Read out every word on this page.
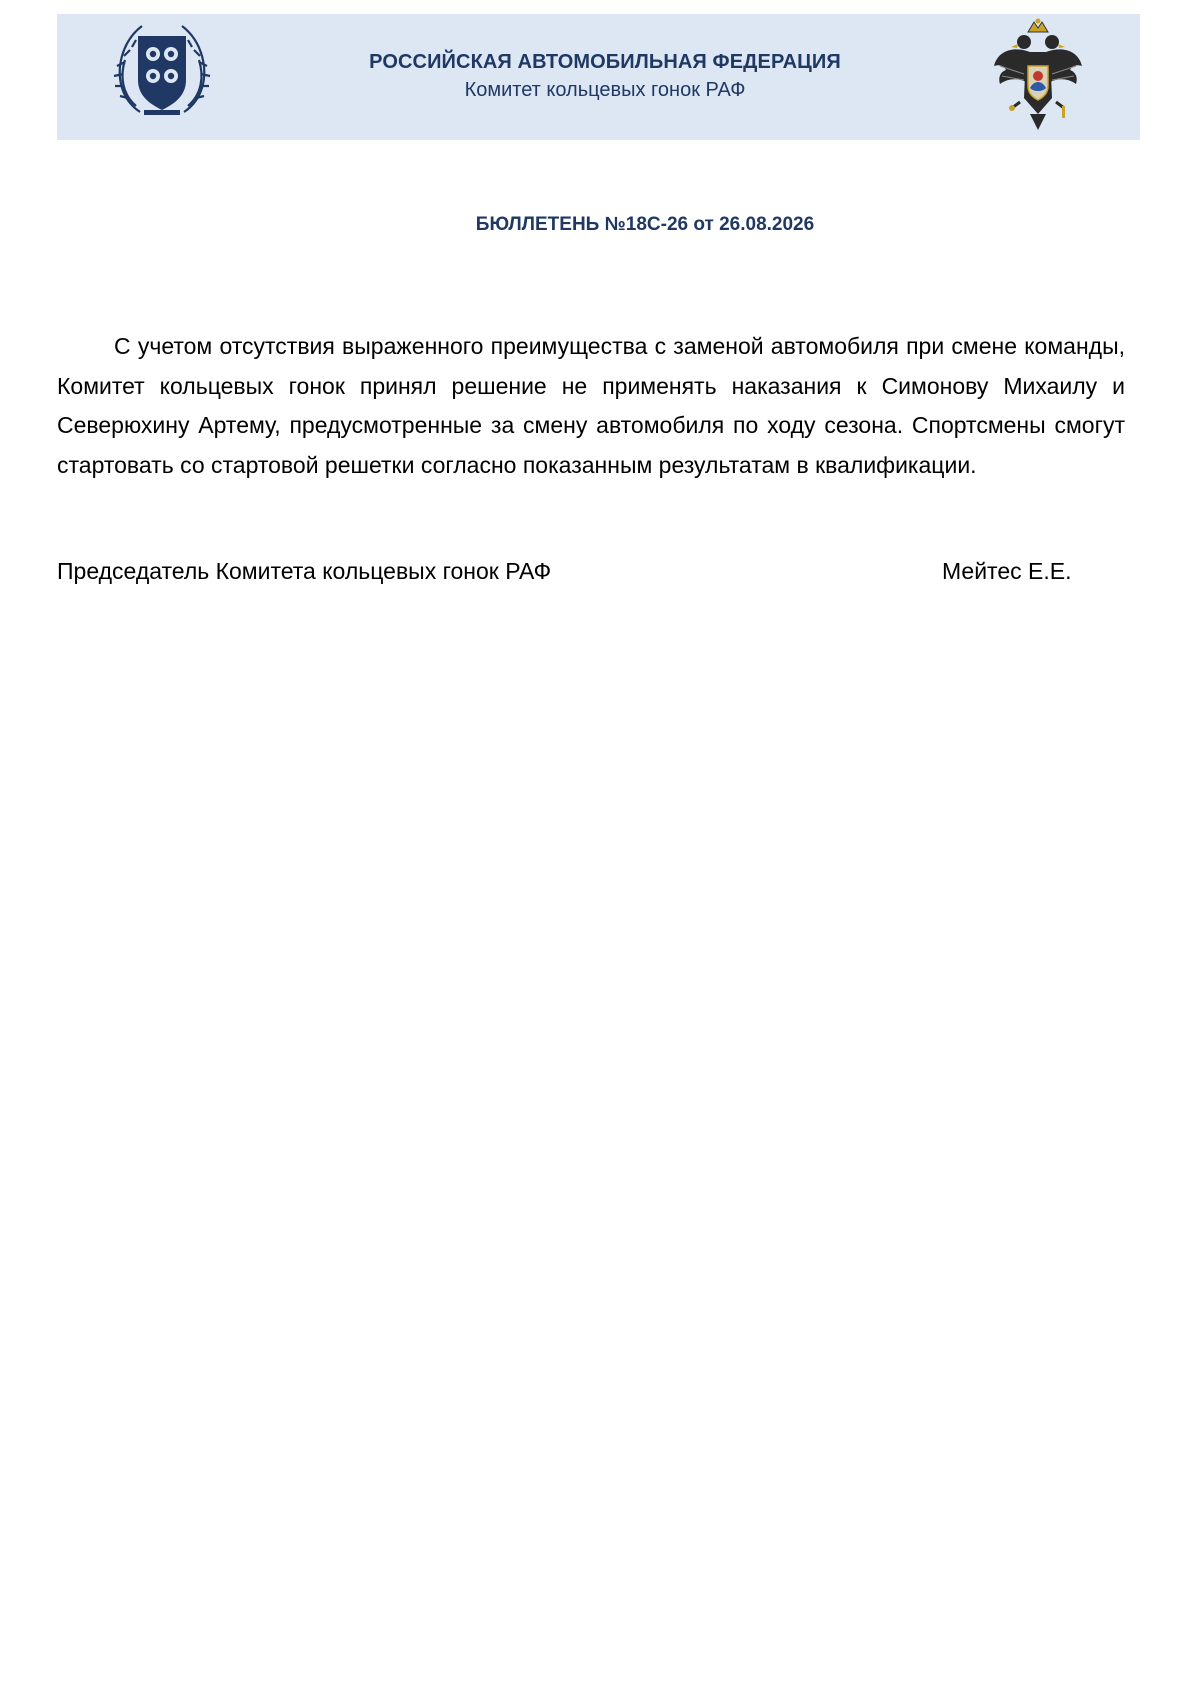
РОССИЙСКАЯ АВТОМОБИЛЬНАЯ ФЕДЕРАЦИЯ
Комитет кольцевых гонок РАФ
БЮЛЛЕТЕНЬ №18С-26 от 26.08.2026

С учетом отсутствия выраженного преимущества с заменой автомобиля при смене команды, Комитет кольцевых гонок принял решение не применять наказания к Симонову Михаилу и Северюхину Артему, предусмотренные за смену автомобиля по ходу сезона. Спортсмены смогут стартовать со стартовой решетки согласно показанным результатам в квалификации.

Председатель Комитета кольцевых гонок РАФ	Мейтес Е.Е.
